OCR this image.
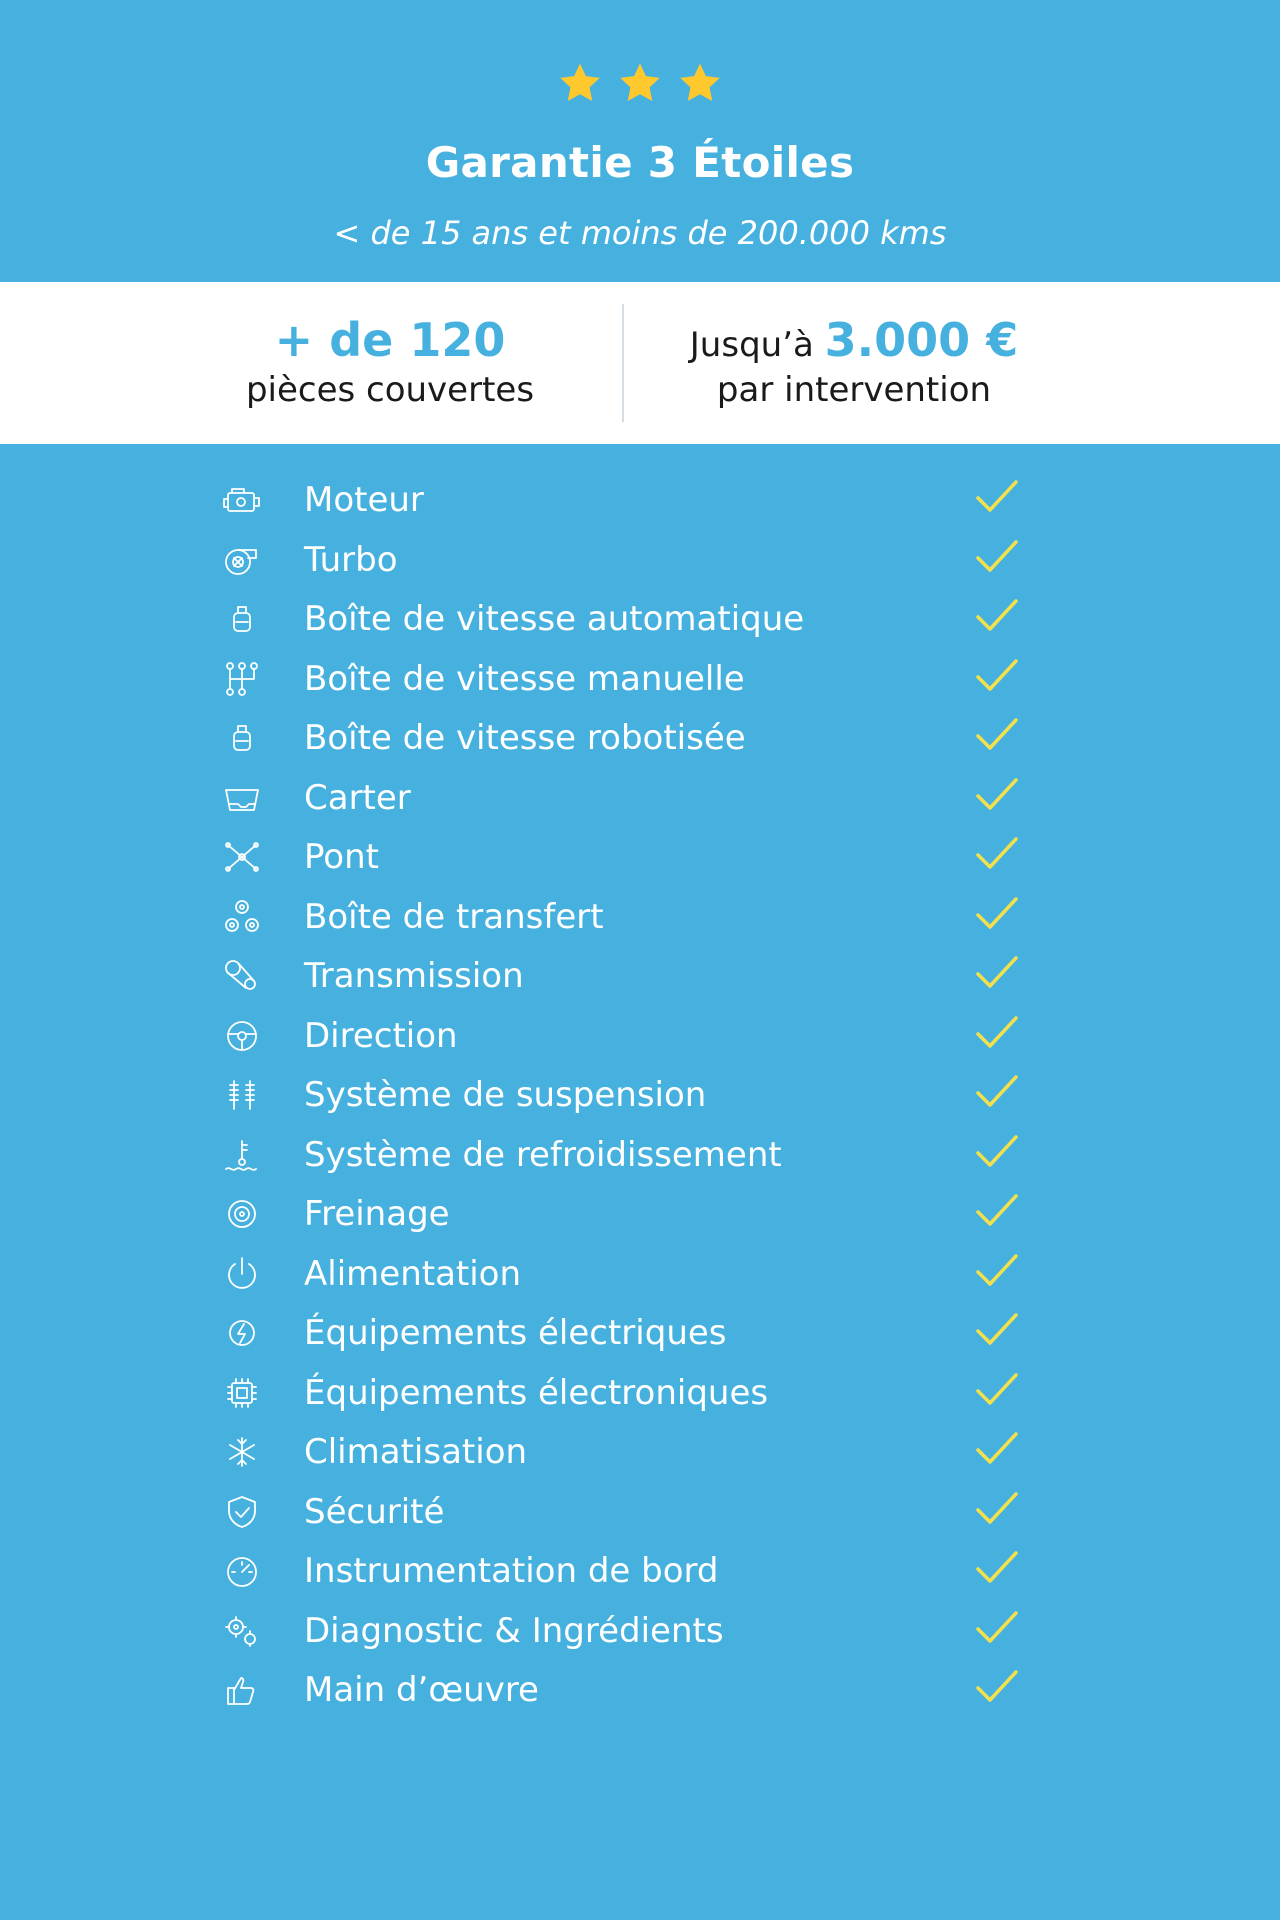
Garantie 3 Étoiles
< de 15 ans et moins de 200.000 kms
+ de 120
pièces couvertes
Jusqu’à 3.000 €
par intervention
Moteur
Turbo
Boîte de vitesse automatique
Boîte de vitesse manuelle
Boîte de vitesse robotisée
Carter
Pont
Boîte de transfert
Transmission
Direction
Système de suspension
Système de refroidissement
Freinage
Alimentation
Équipements électriques
Équipements électroniques
Climatisation
Sécurité
Instrumentation de bord
Diagnostic & Ingrédients
Main d’œuvre
